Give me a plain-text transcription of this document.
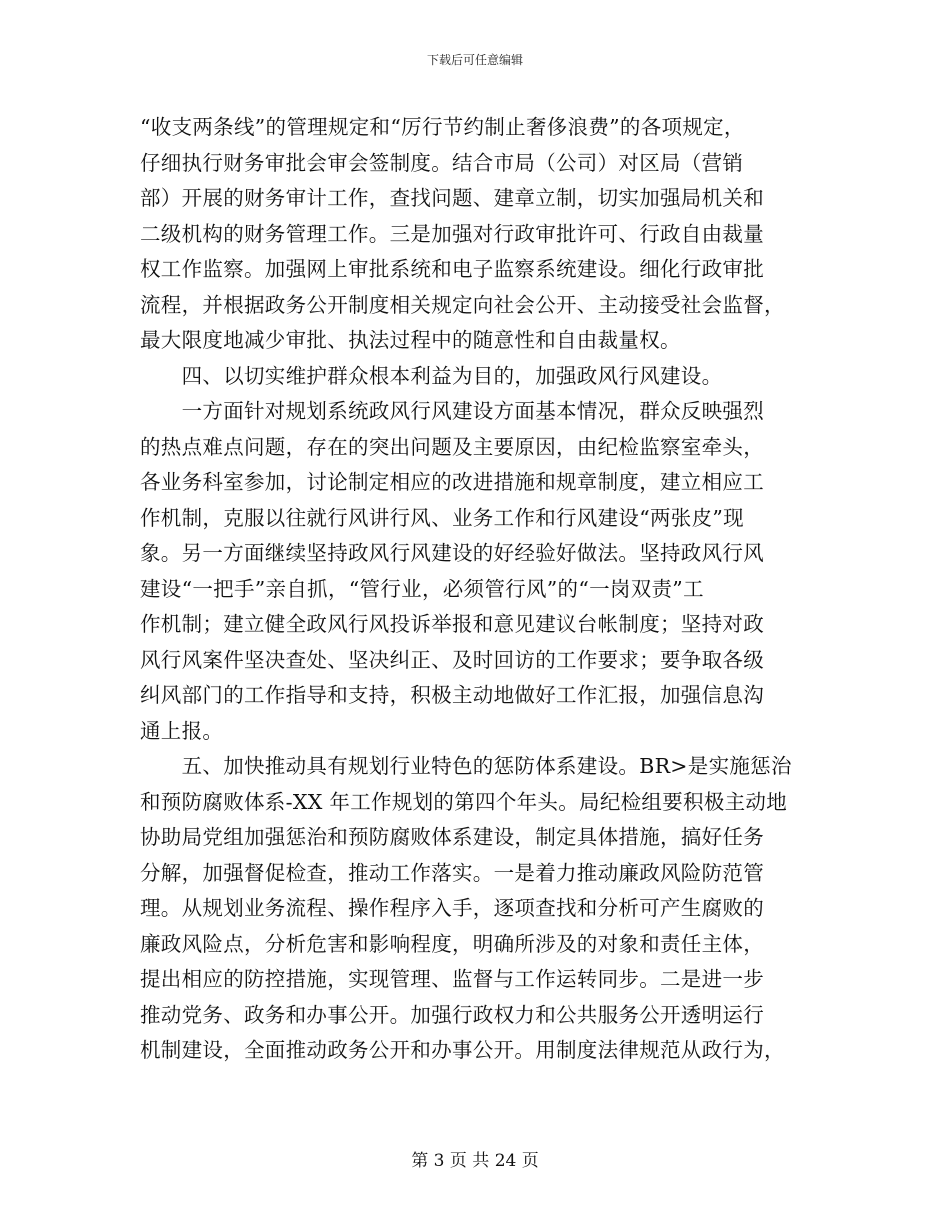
下载后可任意编辑
“收支两条线”的管理规定和“厉行节约制止奢侈浪费”的各项规定，
仔细执行财务审批会审会签制度。结合市局（公司）对区局（营销
部）开展的财务审计工作，查找问题、建章立制，切实加强局机关和
二级机构的财务管理工作。三是加强对行政审批许可、行政自由裁量
权工作监察。加强网上审批系统和电子监察系统建设。细化行政审批
流程，并根据政务公开制度相关规定向社会公开、主动接受社会监督，
最大限度地减少审批、执法过程中的随意性和自由裁量权。
　　四、以切实维护群众根本利益为目的，加强政风行风建设。
　　一方面针对规划系统政风行风建设方面基本情况，群众反映强烈
的热点难点问题，存在的突出问题及主要原因，由纪检监察室牵头，
各业务科室参加，讨论制定相应的改进措施和规章制度，建立相应工
作机制，克服以往就行风讲行风、业务工作和行风建设“两张皮”现
象。另一方面继续坚持政风行风建设的好经验好做法。坚持政风行风
建设“一把手”亲自抓，“管行业，必须管行风”的“一岗双责”工
作机制；建立健全政风行风投诉举报和意见建议台帐制度；坚持对政
风行风案件坚决查处、坚决纠正、及时回访的工作要求；要争取各级
纠风部门的工作指导和支持，积极主动地做好工作汇报，加强信息沟
通上报。
　　五、加快推动具有规划行业特色的惩防体系建设。BR>是实施惩治
和预防腐败体系-XX 年工作规划的第四个年头。局纪检组要积极主动地
协助局党组加强惩治和预防腐败体系建设，制定具体措施，搞好任务
分解，加强督促检查，推动工作落实。一是着力推动廉政风险防范管
理。从规划业务流程、操作程序入手，逐项查找和分析可产生腐败的
廉政风险点，分析危害和影响程度，明确所涉及的对象和责任主体，
提出相应的防控措施，实现管理、监督与工作运转同步。二是进一步
推动党务、政务和办事公开。加强行政权力和公共服务公开透明运行
机制建设，全面推动政务公开和办事公开。用制度法律规范从政行为，
第 3 页 共 24 页
